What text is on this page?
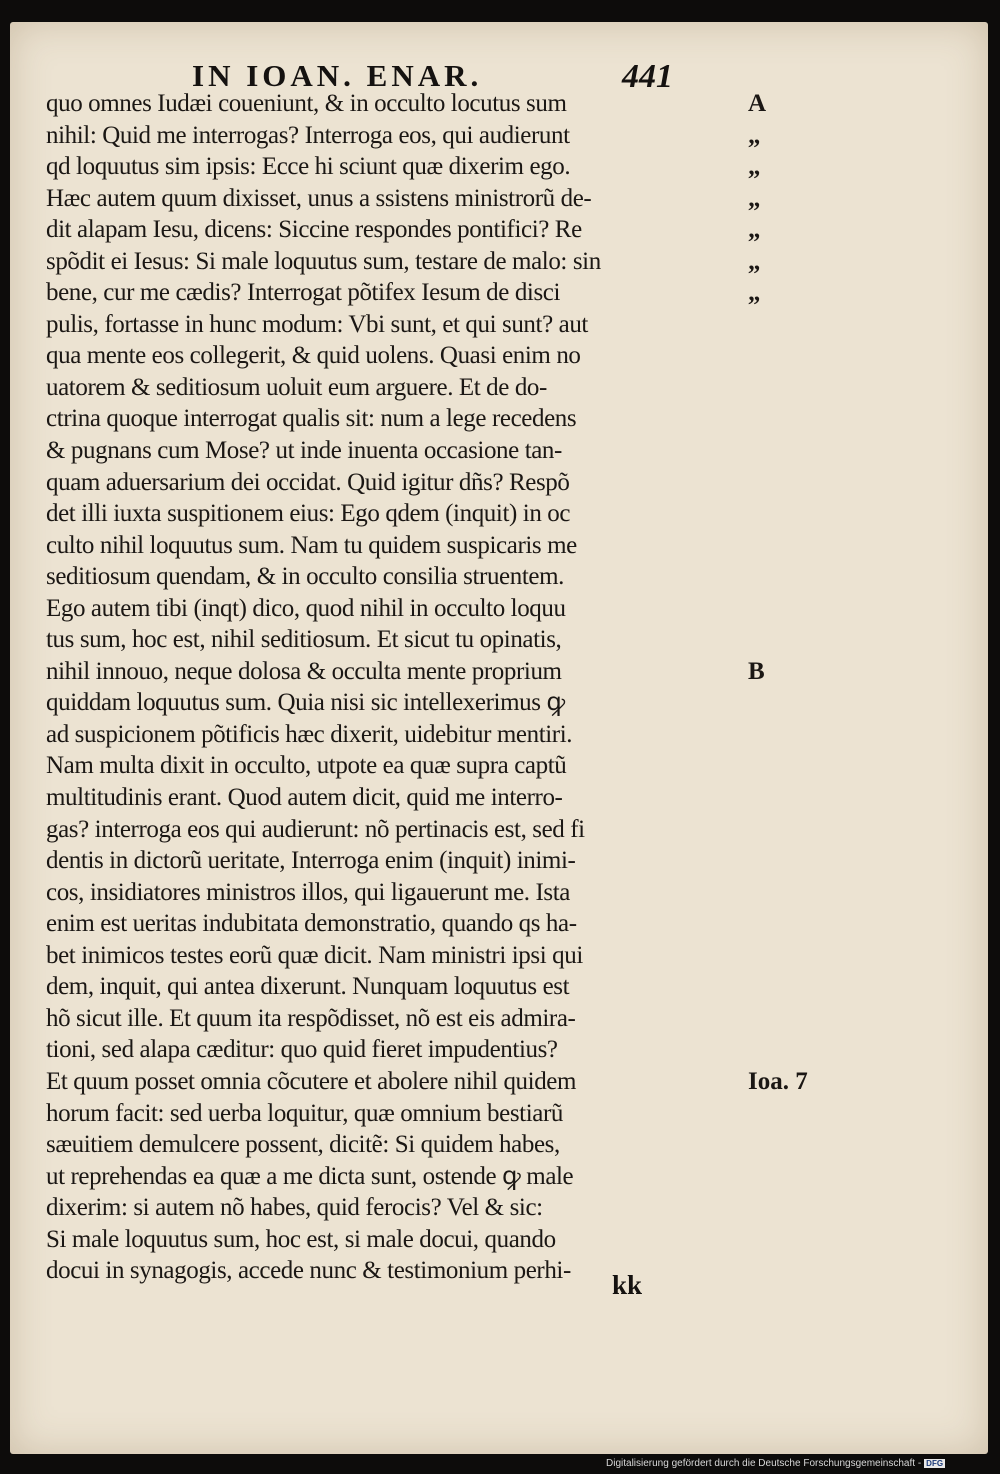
IN IOAN. ENAR.	441
quo omnes Iudæi coueniunt, & in occulto locutus sum
nihil: Quid me interrogas? Interroga eos, qui audierunt
qd loquutus sim ipsis: Ecce hi sciunt quæ dixerim ego.
Hæc autem quum dixisset, unus a ssistens ministrorũ de-
dit alapam Iesu, dicens: Siccine respondes pontifici? Re
spõdit ei Iesus: Si male loquutus sum, testare de malo: sin
bene, cur me cædis? Interrogat põtifex Iesum de disci
pulis, fortasse in hunc modum: Vbi sunt, et qui sunt? aut
qua mente eos collegerit, & quid uolens. Quasi enim no
uatorem & seditiosum uoluit eum arguere. Et de do-
ctrina quoque interrogat qualis sit: num a lege recedens
& pugnans cum Mose? ut inde inuenta occasione tan-
quam aduersarium dei occidat. Quid igitur dñs? Respõ
det illi iuxta suspitionem eius: Ego qdem (inquit) in oc
culto nihil loquutus sum. Nam tu quidem suspicaris me
seditiosum quendam, & in occulto consilia struentem.
Ego autem tibi (inqt) dico, quod nihil in occulto loquu
tus sum, hoc est, nihil seditiosum. Et sicut tu opinatis,
nihil innouo, neque dolosa & occulta mente proprium
quiddam loquutus sum. Quia nisi sic intellexerimus ꝙ
ad suspicionem põtificis hæc dixerit, uidebitur mentiri.
Nam multa dixit in occulto, utpote ea quæ supra captũ
multitudinis erant. Quod autem dicit, quid me interro-
gas? interroga eos qui audierunt: nõ pertinacis est, sed fi
dentis in dictorũ ueritate, Interroga enim (inquit) inimi-
cos, insidiatores ministros illos, qui ligauerunt me. Ista
enim est ueritas indubitata demonstratio, quando qs ha-
bet inimicos testes eorũ quæ dicit. Nam ministri ipsi qui
dem, inquit, qui antea dixerunt. Nunquam loquutus est
hõ sicut ille. Et quum ita respõdisset, nõ est eis admira-
tioni, sed alapa cæditur: quo quid fieret impudentius?
Et quum posset omnia cõcutere et abolere nihil quidem
horum facit: sed uerba loquitur, quæ omnium bestiarũ
sæuitiem demulcere possent, dicitẽ: Si quidem habes,
ut reprehendas ea quæ a me dicta sunt, ostende ꝙ male
dixerim: si autem nõ habes, quid ferocis? Vel & sic:
Si male loquutus sum, hoc est, si male docui, quando
docui in synagogis, accede nunc & testimonium perhi-
A
„
„
„
„
„
„
B
Ioa. 7
kk
Digitalisierung gefördert durch die Deutsche Forschungsgemeinschaft - DFG
